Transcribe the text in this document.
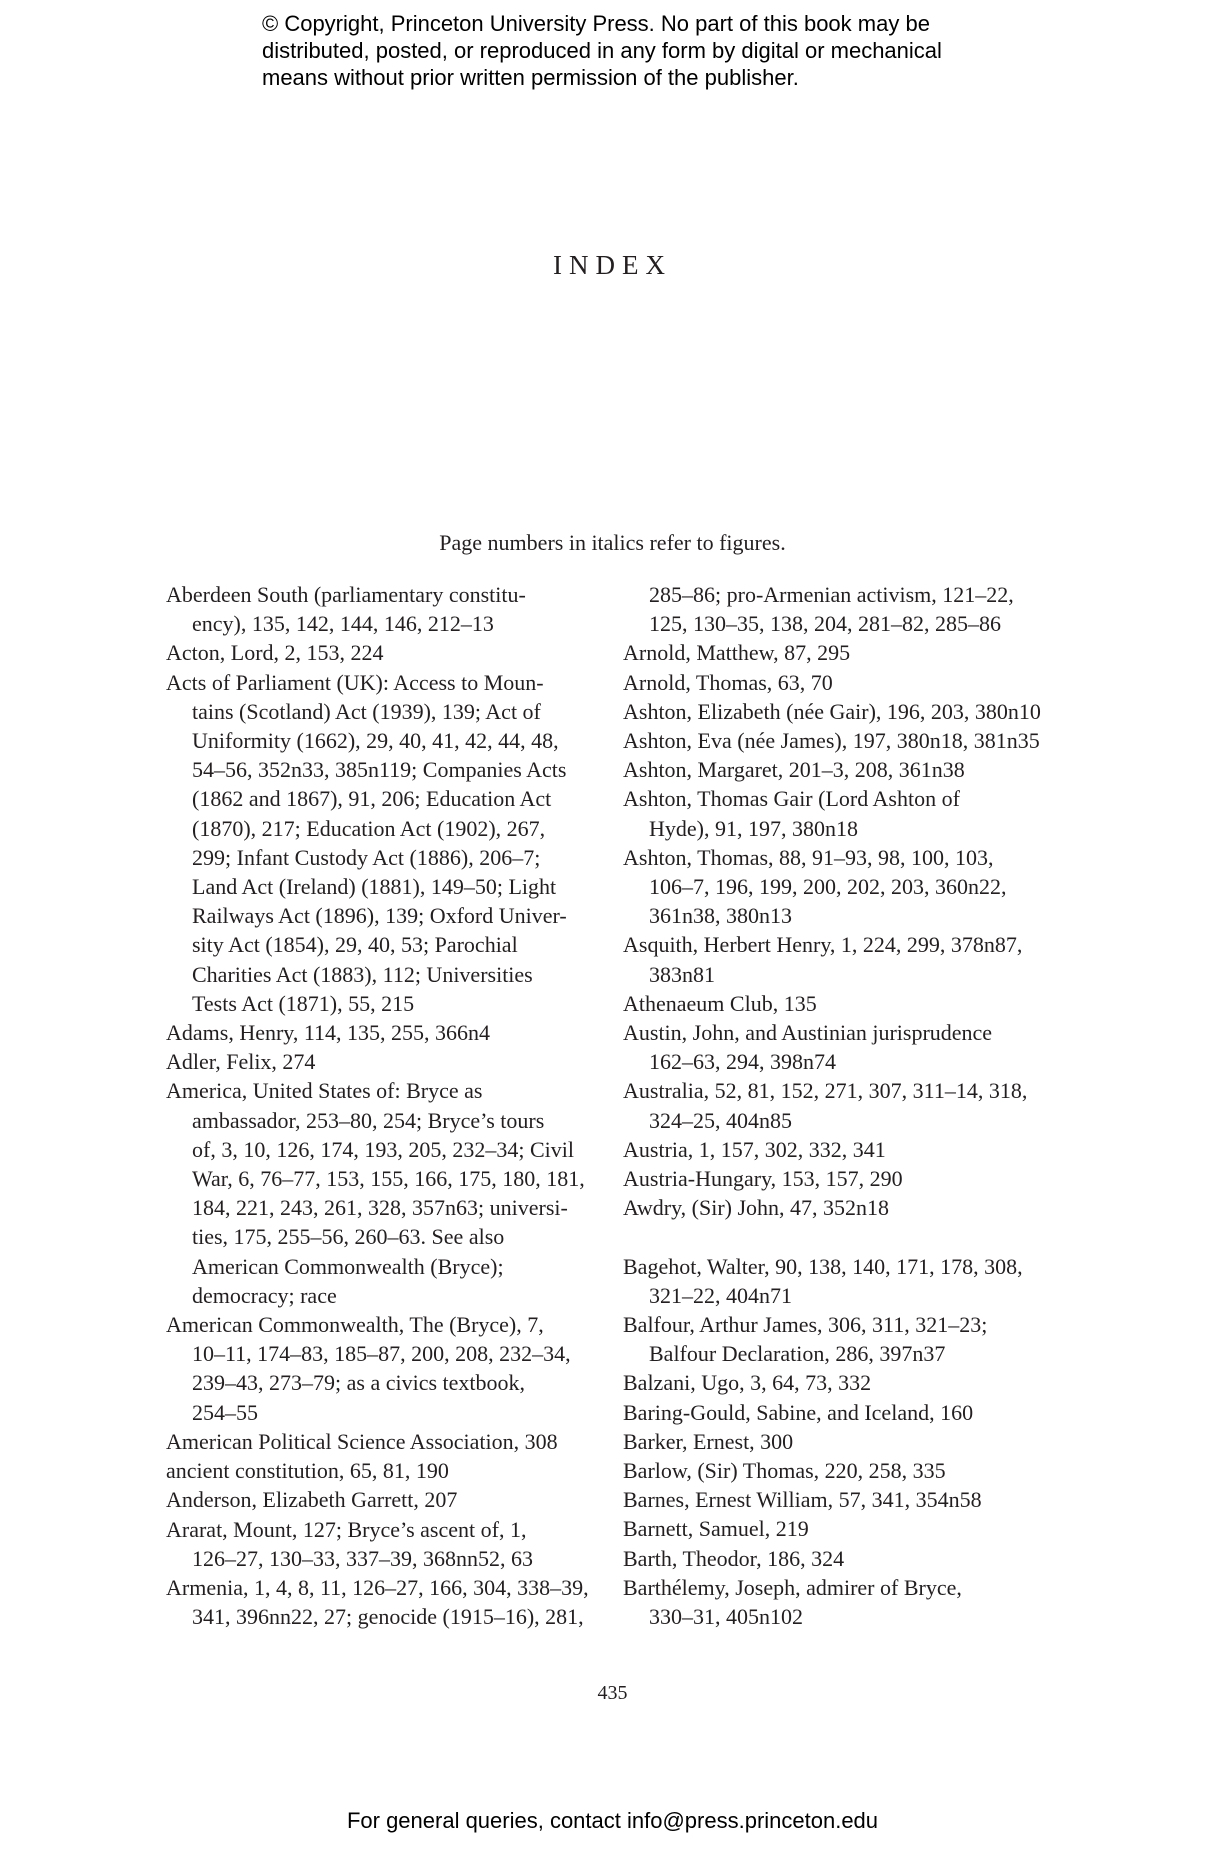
© Copyright, Princeton University Press. No part of this book may be
distributed, posted, or reproduced in any form by digital or mechanical
means without prior written permission of the publisher.
INDEX
Page numbers in italics refer to figures.
Aberdeen South (parliamentary constitu-
ency), 135, 142, 144, 146, 212–13
Acton, Lord, 2, 153, 224
Acts of Parliament (UK): Access to Moun-
tains (Scotland) Act (1939), 139; Act of
Uniformity (1662), 29, 40, 41, 42, 44, 48,
54–56, 352n33, 385n119; Companies Acts
(1862 and 1867), 91, 206; Education Act
(1870), 217; Education Act (1902), 267,
299; Infant Custody Act (1886), 206–7;
Land Act (Ireland) (1881), 149–50; Light
Railways Act (1896), 139; Oxford Univer-
sity Act (1854), 29, 40, 53; Parochial
Charities Act (1883), 112; Universities
Tests Act (1871), 55, 215
Adams, Henry, 114, 135, 255, 366n4
Adler, Felix, 274
America, United States of: Bryce as
ambassador, 253–80, 254; Bryce’s tours
of, 3, 10, 126, 174, 193, 205, 232–34; Civil
War, 6, 76–77, 153, 155, 166, 175, 180, 181,
184, 221, 243, 261, 328, 357n63; universi-
ties, 175, 255–56, 260–63. See also
American Commonwealth (Bryce);
democracy; race
American Commonwealth, The (Bryce), 7,
10–11, 174–83, 185–87, 200, 208, 232–34,
239–43, 273–79; as a civics textbook,
254–55
American Political Science Association, 308
ancient constitution, 65, 81, 190
Anderson, Elizabeth Garrett, 207
Ararat, Mount, 127; Bryce’s ascent of, 1,
126–27, 130–33, 337–39, 368nn52, 63
Armenia, 1, 4, 8, 11, 126–27, 166, 304, 338–39,
341, 396nn22, 27; genocide (1915–16), 281,
285–86; pro-Armenian activism, 121–22,
125, 130–35, 138, 204, 281–82, 285–86
Arnold, Matthew, 87, 295
Arnold, Thomas, 63, 70
Ashton, Elizabeth (née Gair), 196, 203, 380n10
Ashton, Eva (née James), 197, 380n18, 381n35
Ashton, Margaret, 201–3, 208, 361n38
Ashton, Thomas Gair (Lord Ashton of
Hyde), 91, 197, 380n18
Ashton, Thomas, 88, 91–93, 98, 100, 103,
106–7, 196, 199, 200, 202, 203, 360n22,
361n38, 380n13
Asquith, Herbert Henry, 1, 224, 299, 378n87,
383n81
Athenaeum Club, 135
Austin, John, and Austinian jurisprudence
162–63, 294, 398n74
Australia, 52, 81, 152, 271, 307, 311–14, 318,
324–25, 404n85
Austria, 1, 157, 302, 332, 341
Austria-Hungary, 153, 157, 290
Awdry, (Sir) John, 47, 352n18
Bagehot, Walter, 90, 138, 140, 171, 178, 308,
321–22, 404n71
Balfour, Arthur James, 306, 311, 321–23;
Balfour Declaration, 286, 397n37
Balzani, Ugo, 3, 64, 73, 332
Baring-Gould, Sabine, and Iceland, 160
Barker, Ernest, 300
Barlow, (Sir) Thomas, 220, 258, 335
Barnes, Ernest William, 57, 341, 354n58
Barnett, Samuel, 219
Barth, Theodor, 186, 324
Barthélemy, Joseph, admirer of Bryce,
330–31, 405n102
435
For general queries, contact info@press.princeton.edu
